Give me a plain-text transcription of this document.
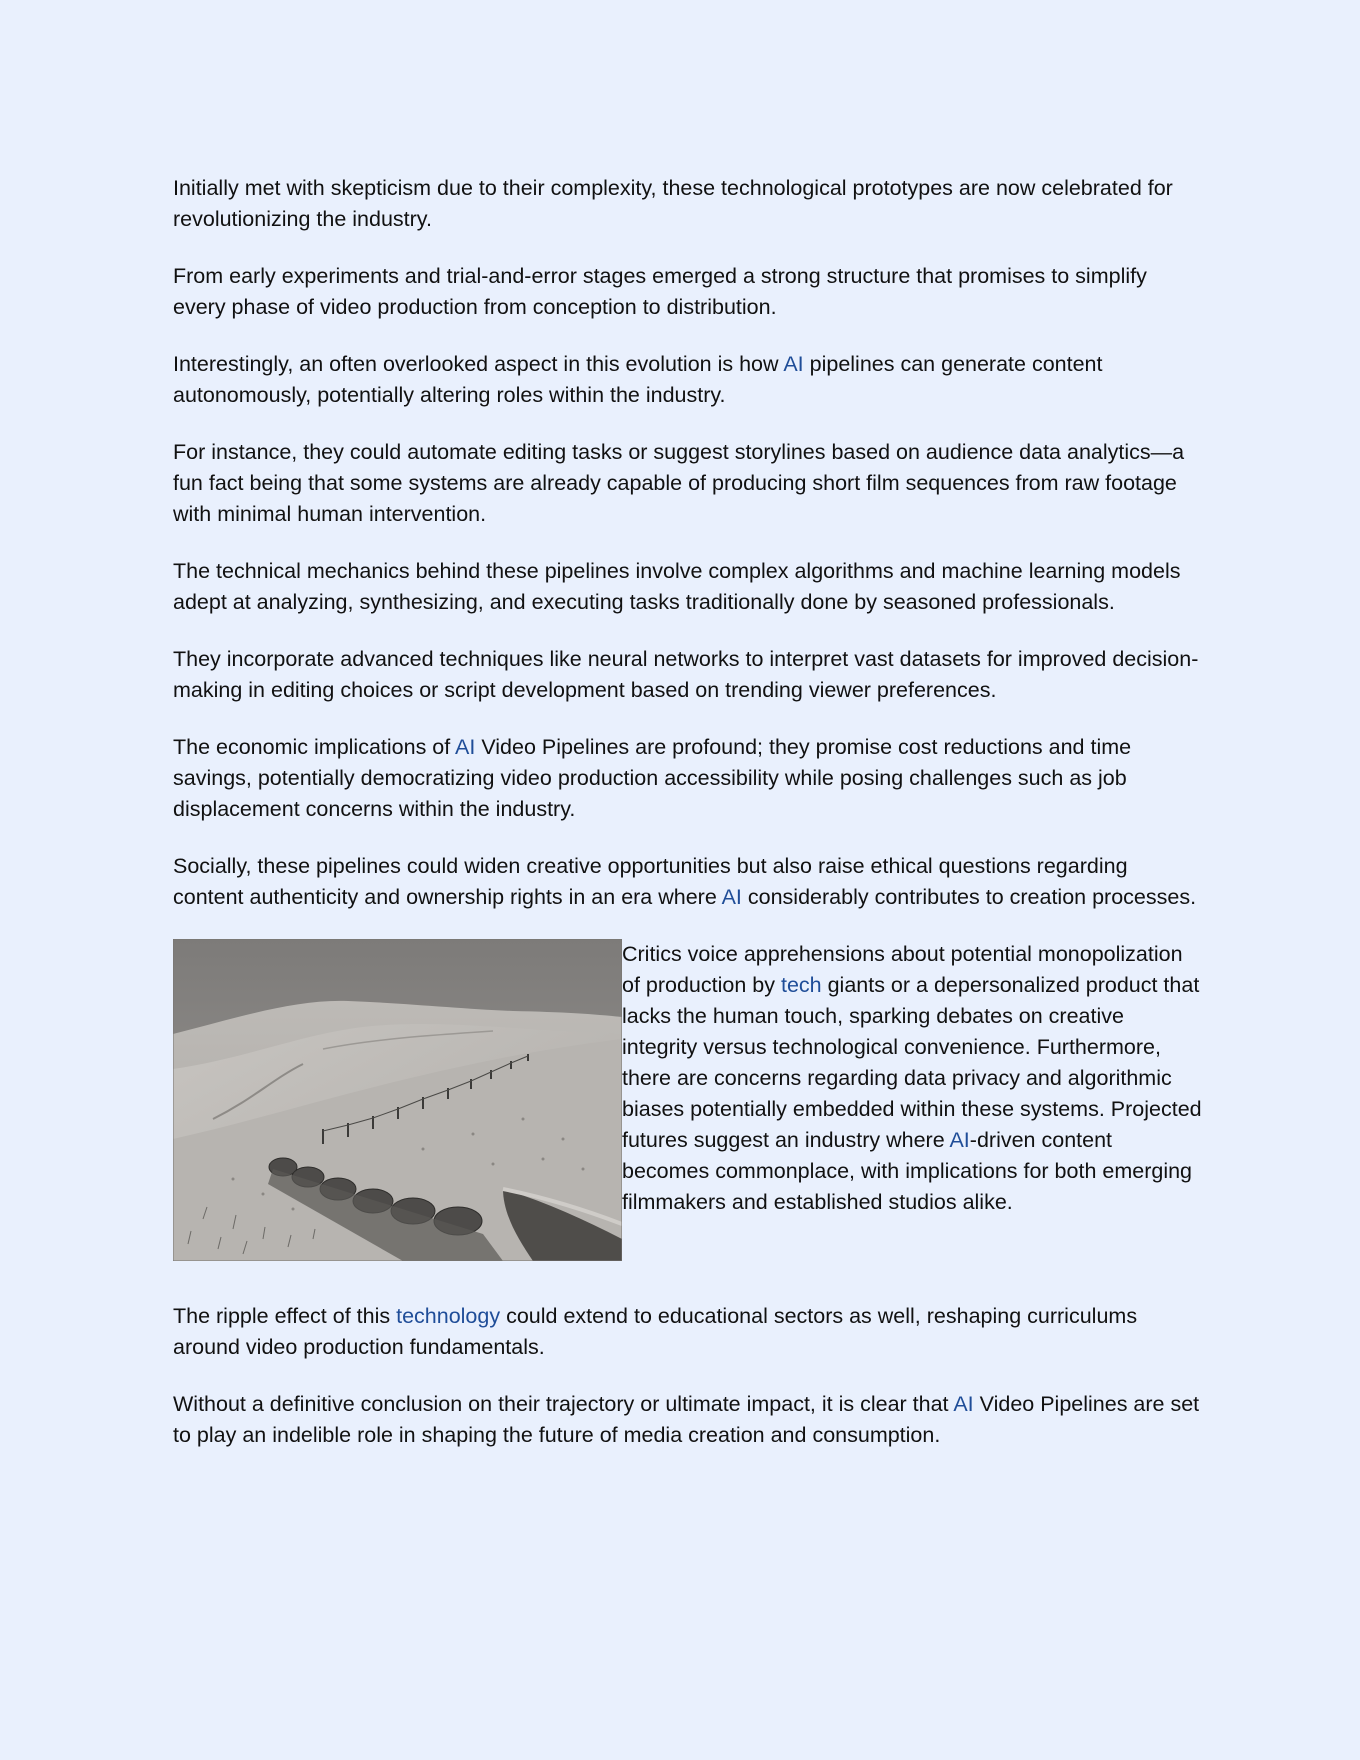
Initially met with skepticism due to their complexity, these technological prototypes are now celebrated for revolutionizing the industry.

From early experiments and trial-and-error stages emerged a strong structure that promises to simplify every phase of video production from conception to distribution.

Interestingly, an often overlooked aspect in this evolution is how AI pipelines can generate content autonomously, potentially altering roles within the industry.

For instance, they could automate editing tasks or suggest storylines based on audience data analytics—a fun fact being that some systems are already capable of producing short film sequences from raw footage with minimal human intervention.

The technical mechanics behind these pipelines involve complex algorithms and machine learning models adept at analyzing, synthesizing, and executing tasks traditionally done by seasoned professionals.

They incorporate advanced techniques like neural networks to interpret vast datasets for improved decision-making in editing choices or script development based on trending viewer preferences.

The economic implications of AI Video Pipelines are profound; they promise cost reductions and time savings, potentially democratizing video production accessibility while posing challenges such as job displacement concerns within the industry.

Socially, these pipelines could widen creative opportunities but also raise ethical questions regarding content authenticity and ownership rights in an era where AI considerably contributes to creation processes.

Critics voice apprehensions about potential monopolization of production by tech giants or a depersonalized product that lacks the human touch, sparking debates on creative integrity versus technological convenience. Furthermore, there are concerns regarding data privacy and algorithmic biases potentially embedded within these systems. Projected futures suggest an industry where AI-driven content becomes commonplace, with implications for both emerging filmmakers and established studios alike.

The ripple effect of this technology could extend to educational sectors as well, reshaping curriculums around video production fundamentals.

Without a definitive conclusion on their trajectory or ultimate impact, it is clear that AI Video Pipelines are set to play an indelible role in shaping the future of media creation and consumption.
